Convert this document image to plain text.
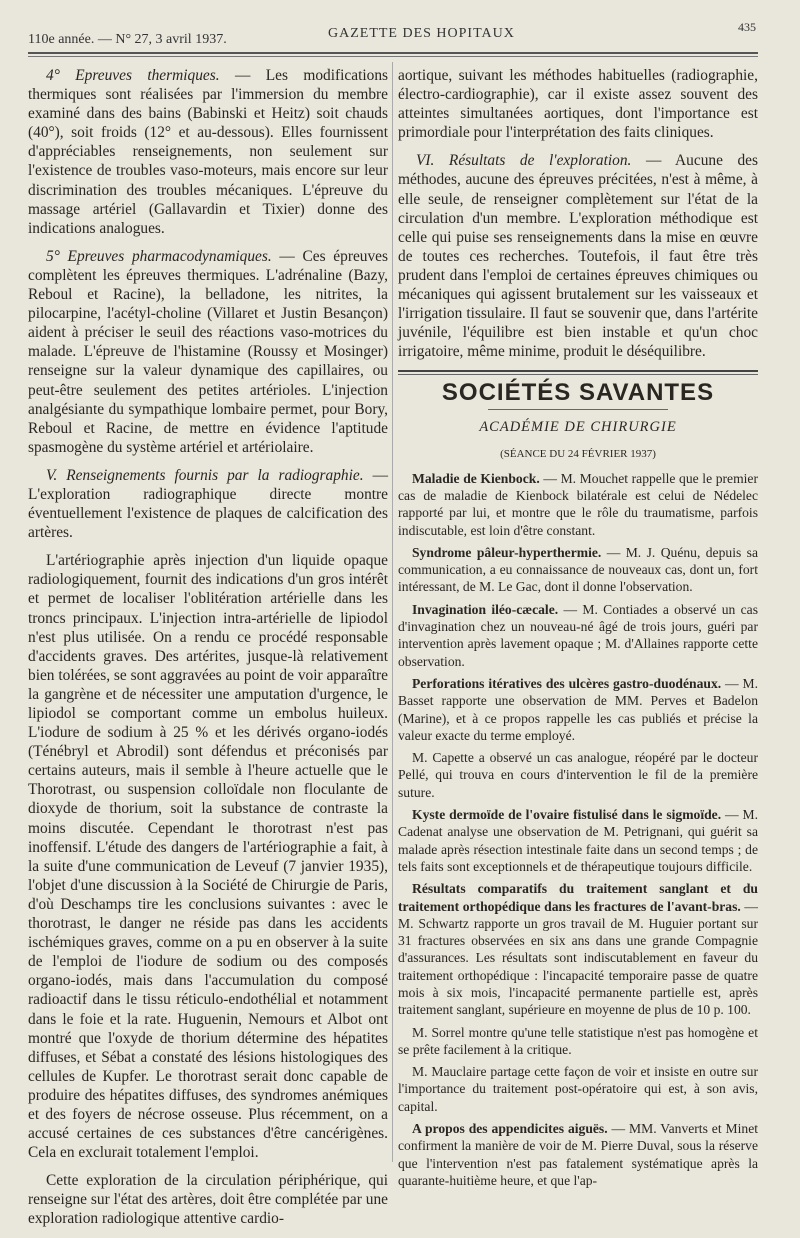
110e année. — N° 27, 3 avril 1937.	GAZETTE DES HOPITAUX	435

4° Epreuves thermiques. — Les modifications thermiques sont réalisées par l'immersion du membre examiné dans des bains (Babinski et Heitz) soit chauds (40°), soit froids (12° et au-dessous). Elles fournissent d'appréciables renseignements, non seulement sur l'existence de troubles vaso-moteurs, mais encore sur leur discrimination des troubles mécaniques. L'épreuve du massage artériel (Gallavardin et Tixier) donne des indications analogues.

5° Epreuves pharmacodynamiques. — Ces épreuves complètent les épreuves thermiques. L'adrénaline (Bazy, Reboul et Racine), la belladone, les nitrites, la pilocarpine, l'acétyl-choline (Villaret et Justin Besançon) aident à préciser le seuil des réactions vaso-motrices du malade. L'épreuve de l'histamine (Roussy et Mosinger) renseigne sur la valeur dynamique des capillaires, ou peut-être seulement des petites artérioles. L'injection analgésiante du sympathique lombaire permet, pour Bory, Reboul et Racine, de mettre en évidence l'aptitude spasmogène du système artériel et artériolaire.

V. Renseignements fournis par la radiographie. — L'exploration radiographique directe montre éventuellement l'existence de plaques de calcification des artères.

L'artériographie après injection d'un liquide opaque radiologiquement, fournit des indications d'un gros intérêt et permet de localiser l'oblitération artérielle dans les troncs principaux. L'injection intra-artérielle de lipiodol n'est plus utilisée. On a rendu ce procédé responsable d'accidents graves. Des artérites, jusque-là relativement bien tolérées, se sont aggravées au point de voir apparaître la gangrène et de nécessiter une amputation d'urgence, le lipiodol se comportant comme un embolus huileux. L'iodure de sodium à 25 % et les dérivés organo-iodés (Ténébryl et Abrodil) sont défendus et préconisés par certains auteurs, mais il semble à l'heure actuelle que le Thorotrast, ou suspension colloïdale non floculante de dioxyde de thorium, soit la substance de contraste la moins discutée. Cependant le thorotrast n'est pas inoffensif. L'étude des dangers de l'artériographie a fait, à la suite d'une communication de Leveuf (7 janvier 1935), l'objet d'une discussion à la Société de Chirurgie de Paris, d'où Deschamps tire les conclusions suivantes : avec le thorotrast, le danger ne réside pas dans les accidents ischémiques graves, comme on a pu en observer à la suite de l'emploi de l'iodure de sodium ou des composés organo-iodés, mais dans l'accumulation du composé radioactif dans le tissu réticulo-endothélial et notamment dans le foie et la rate. Huguenin, Nemours et Albot ont montré que l'oxyde de thorium détermine des hépatites diffuses, et Sébat a constaté des lésions histologiques des cellules de Kupfer. Le thorotrast serait donc capable de produire des hépatites diffuses, des syndromes anémiques et des foyers de nécrose osseuse. Plus récemment, on a accusé certaines de ces substances d'être cancérigènes. Cela en exclurait totalement l'emploi.

Cette exploration de la circulation périphérique, qui renseigne sur l'état des artères, doit être complétée par une exploration radiologique attentive cardio-

aortique, suivant les méthodes habituelles (radiographie, électro-cardiographie), car il existe assez souvent des atteintes simultanées aortiques, dont l'importance est primordiale pour l'interprétation des faits cliniques.

VI. Résultats de l'exploration. — Aucune des méthodes, aucune des épreuves précitées, n'est à même, à elle seule, de renseigner complètement sur l'état de la circulation d'un membre. L'exploration méthodique est celle qui puise ses renseignements dans la mise en œuvre de toutes ces recherches. Toutefois, il faut être très prudent dans l'emploi de certaines épreuves chimiques ou mécaniques qui agissent brutalement sur les vaisseaux et l'irrigation tissulaire. Il faut se souvenir que, dans l'artérite juvénile, l'équilibre est bien instable et qu'un choc irrigatoire, même minime, produit le déséquilibre.

SOCIÉTÉS SAVANTES
ACADÉMIE DE CHIRURGIE
(SÉANCE DU 24 FÉVRIER 1937)

Maladie de Kienbock. — M. Mouchet rappelle que le premier cas de maladie de Kienbock bilatérale est celui de Nédelec rapporté par lui, et montre que le rôle du traumatisme, parfois indiscutable, est loin d'être constant.

Syndrome pâleur-hyperthermie. — M. J. Quénu, depuis sa communication, a eu connaissance de nouveaux cas, dont un, fort intéressant, de M. Le Gac, dont il donne l'observation.

Invagination iléo-cæcale. — M. Contiades a observé un cas d'invagination chez un nouveau-né âgé de trois jours, guéri par intervention après lavement opaque ; M. d'Allaines rapporte cette observation.

Perforations itératives des ulcères gastro-duodénaux. — M. Basset rapporte une observation de MM. Perves et Badelon (Marine), et à ce propos rappelle les cas publiés et précise la valeur exacte du terme employé.

M. Capette a observé un cas analogue, réopéré par le docteur Pellé, qui trouva en cours d'intervention le fil de la première suture.

Kyste dermoïde de l'ovaire fistulisé dans le sigmoïde. — M. Cadenat analyse une observation de M. Petrignani, qui guérit sa malade après résection intestinale faite dans un second temps ; de tels faits sont exceptionnels et de thérapeutique toujours difficile.

Résultats comparatifs du traitement sanglant et du traitement orthopédique dans les fractures de l'avant-bras. — M. Schwartz rapporte un gros travail de M. Huguier portant sur 31 fractures observées en six ans dans une grande Compagnie d'assurances. Les résultats sont indiscutablement en faveur du traitement orthopédique : l'incapacité temporaire passe de quatre mois à six mois, l'incapacité permanente partielle est, après traitement sanglant, supérieure en moyenne de plus de 10 p. 100.

M. Sorrel montre qu'une telle statistique n'est pas homogène et se prête facilement à la critique.

M. Mauclaire partage cette façon de voir et insiste en outre sur l'importance du traitement post-opératoire qui est, à son avis, capital.

A propos des appendicites aiguës. — MM. Vanverts et Minet confirment la manière de voir de M. Pierre Duval, sous la réserve que l'intervention n'est pas fatalement systématique après la quarante-huitième heure, et que l'ap-
